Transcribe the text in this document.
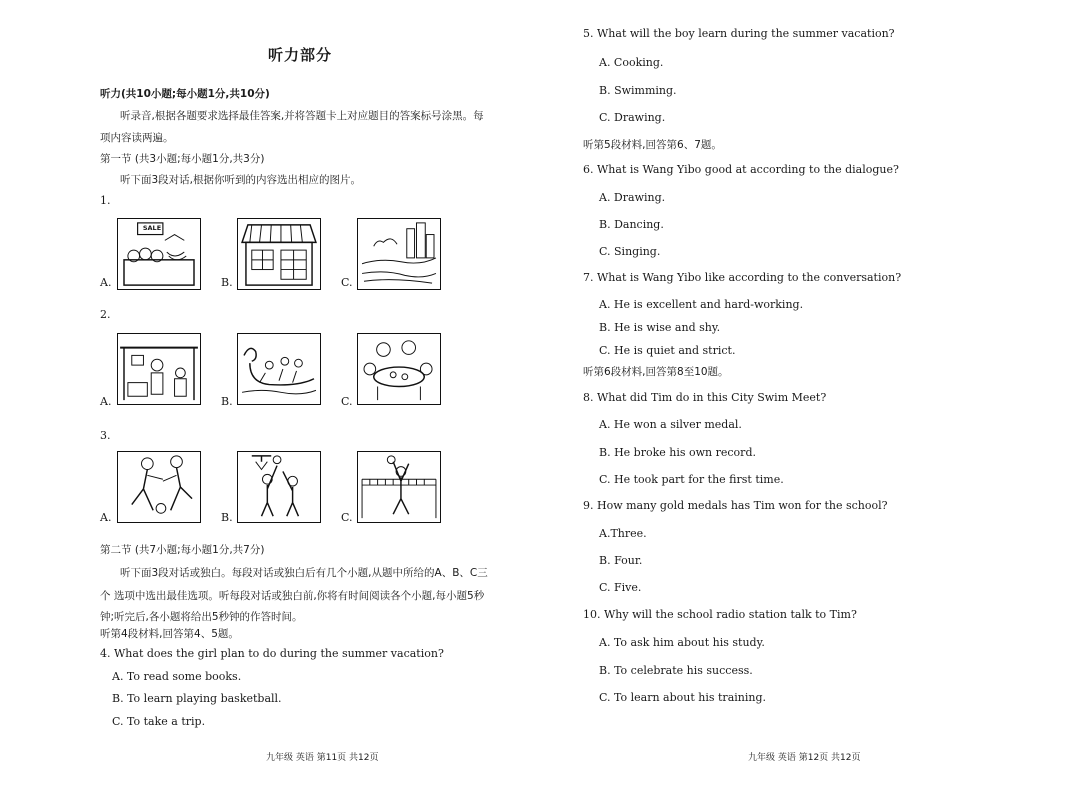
听力部分
听力(共10小题;每小题1分,共10分)
听录音,根据各题要求选择最佳答案,并将答题卡上对应题目的答案标号涂黑。每
项内容读两遍。
第一节 (共3小题;每小题1分,共3分)
听下面3段对话,根据你听到的内容选出相应的图片。
1.
A.
SALE
B.	C.
2.
A.	B.	C.
3.
A.	B.	C.
第二节 (共7小题;每小题1分,共7分)
听下面3段对话或独白。每段对话或独白后有几个小题,从题中所给的A、B、C三
个 选项中选出最佳选项。听每段对话或独白前,你将有时间阅读各个小题,每小题5秒
钟;听完后,各小题将给出5秒钟的作答时间。
听第4段材料,回答第4、5题。
4. What does the girl plan to do during the summer vacation?
A. To read some books.
B. To learn playing basketball.
C. To take a trip.
九年级 英语 第11页 共12页
5. What will the boy learn during the summer vacation?
A. Cooking.
B. Swimming.
C. Drawing.
听第5段材料,回答第6、7题。
6. What is Wang Yibo good at according to the dialogue?
A. Drawing.
B. Dancing.
C. Singing.
7. What is Wang Yibo like according to the conversation?
A. He is excellent and hard-working.
B. He is wise and shy.
C. He is quiet and strict.
听第6段材料,回答第8至10题。
8. What did Tim do in this City Swim Meet?
A. He won a silver medal.
B. He broke his own record.
C. He took part for the first time.
9. How many gold medals has Tim won for the school?
A.Three.
B. Four.
C. Five.
10. Why will the school radio station talk to Tim?
A. To ask him about his study.
B. To celebrate his success.
C. To learn about his training.
九年级 英语 第12页 共12页
